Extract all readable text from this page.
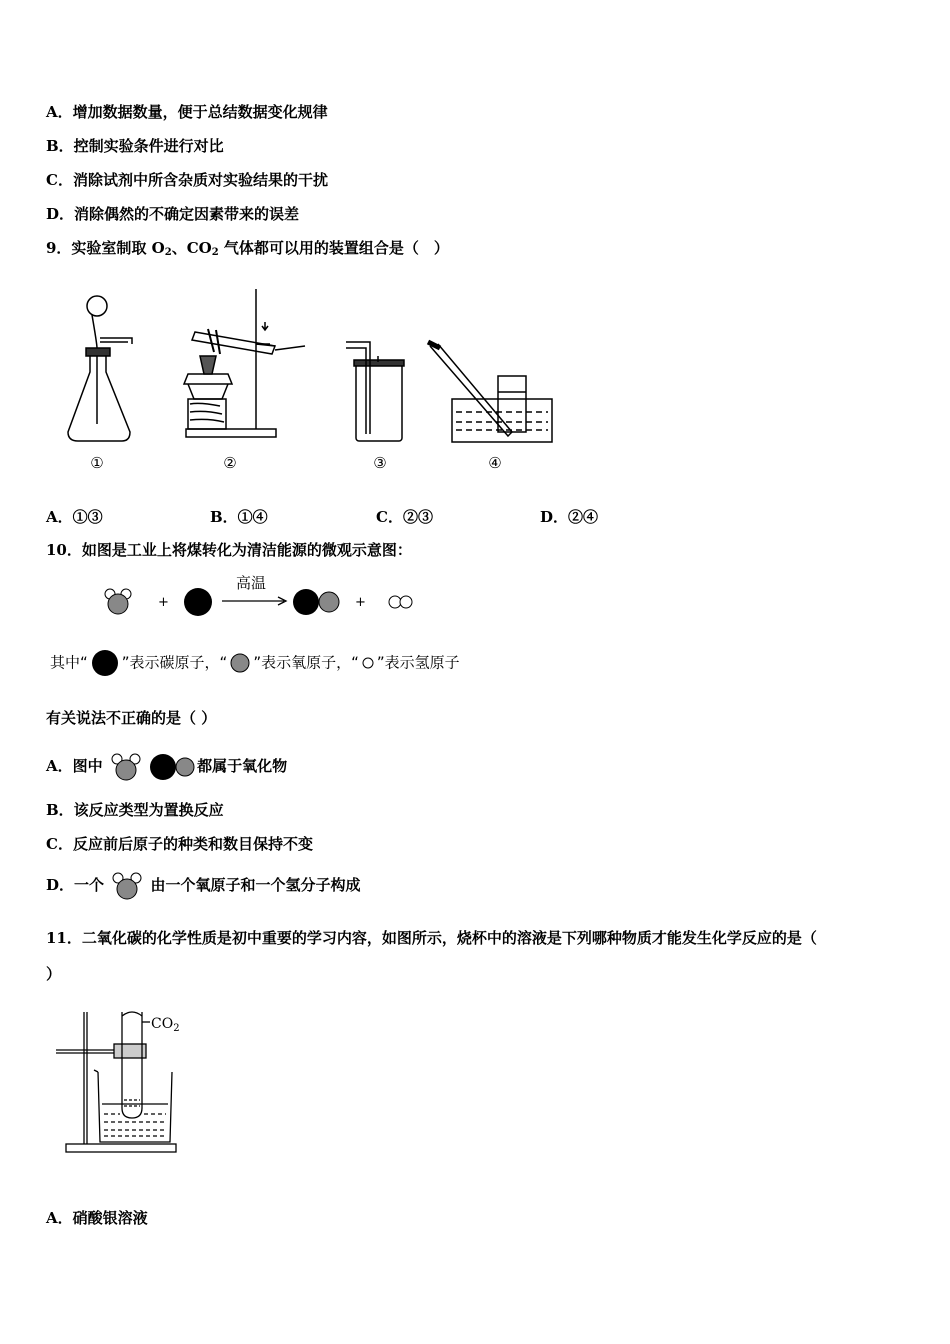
A．增加数据数量，便于总结数据变化规律
B．控制实验条件进行对比
C．消除试剂中所含杂质对实验结果的干扰
D．消除偶然的不确定因素带来的误差
9．实验室制取 $O_2$、$CO_2$ 气体都可以用的装置组合是（　）
①	②	③	④
A．①③	B．①④	C．②③	D．②④
10．如图是工业上将煤转化为清洁能源的微观示意图：
+
高温
+
其中“ ”表示碳原子，“ ”表示氧原子，“ ”表示氢原子
有关说法不正确的是（ ）
A．图中	都属于氧化物
B．该反应类型为置换反应
C．反应前后原子的种类和数目保持不变
D．一个	由一个氧原子和一个氢分子构成
11．二氧化碳的化学性质是初中重要的学习内容，如图所示，烧杯中的溶液是下列哪种物质才能发生化学反应的是（
）
$CO_2$
A．硝酸银溶液
